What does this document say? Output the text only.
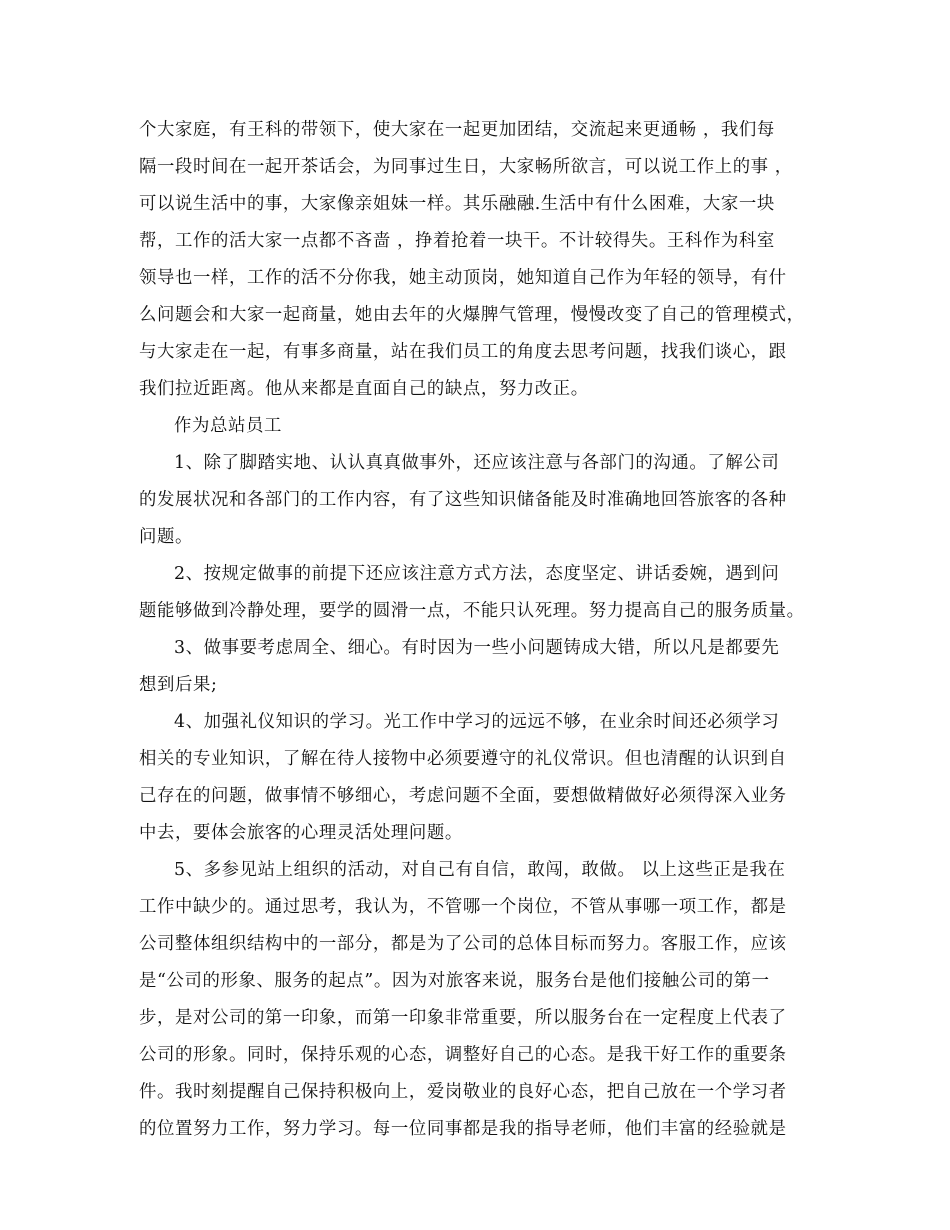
个大家庭，有王科的带领下，使大家在一起更加团结，交流起来更通畅 ，我们每
隔一段时间在一起开茶话会，为同事过生日，大家畅所欲言，可以说工作上的事 ，
可以说生活中的事，大家像亲姐妹一样。其乐融融.生活中有什么困难，大家一块
帮，工作的活大家一点都不吝啬 ，挣着抢着一块干。不计较得失。王科作为科室
领导也一样，工作的活不分你我，她主动顶岗，她知道自己作为年轻的领导，有什
么问题会和大家一起商量，她由去年的火爆脾气管理，慢慢改变了自己的管理模式，
与大家走在一起，有事多商量，站在我们员工的角度去思考问题，找我们谈心，跟
我们拉近距离。他从来都是直面自己的缺点，努力改正。
作为总站员工
1、除了脚踏实地、认认真真做事外，还应该注意与各部门的沟通。了解公司
的发展状况和各部门的工作内容，有了这些知识储备能及时准确地回答旅客的各种
问题。
2、按规定做事的前提下还应该注意方式方法，态度坚定、讲话委婉，遇到问
题能够做到冷静处理，要学的圆滑一点，不能只认死理。努力提高自己的服务质量。
3、做事要考虑周全、细心。有时因为一些小问题铸成大错，所以凡是都要先
想到后果;
4、加强礼仪知识的学习。光工作中学习的远远不够，在业余时间还必须学习
相关的专业知识，了解在待人接物中必须要遵守的礼仪常识。但也清醒的认识到自
己存在的问题，做事情不够细心，考虑问题不全面，要想做精做好必须得深入业务
中去，要体会旅客的心理灵活处理问题。
5、多参见站上组织的活动，对自己有自信，敢闯，敢做。 以上这些正是我在
工作中缺少的。通过思考，我认为，不管哪一个岗位，不管从事哪一项工作，都是
公司整体组织结构中的一部分，都是为了公司的总体目标而努力。客服工作，应该
是“公司的形象、服务的起点”。因为对旅客来说，服务台是他们接触公司的第一
步，是对公司的第一印象，而第一印象非常重要，所以服务台在一定程度上代表了
公司的形象。同时，保持乐观的心态，调整好自己的心态。是我干好工作的重要条
件。我时刻提醒自己保持积极向上，爱岗敬业的良好心态，把自己放在一个学习者
的位置努力工作，努力学习。每一位同事都是我的指导老师，他们丰富的经验就是
